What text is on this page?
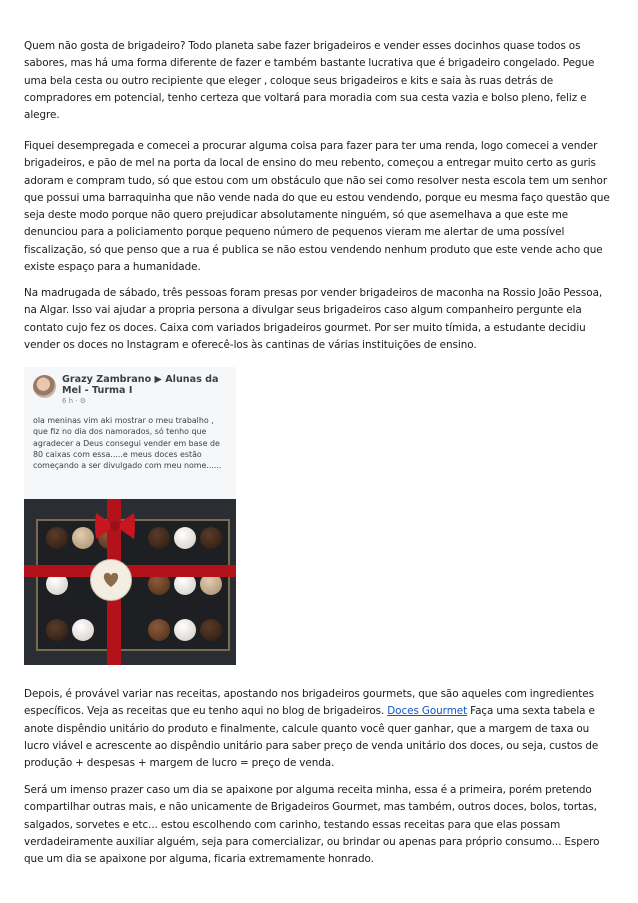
Quem não gosta de brigadeiro? Todo planeta sabe fazer brigadeiros e vender esses docinhos quase todos os sabores, mas há uma forma diferente de fazer e também bastante lucrativa que é brigadeiro congelado. Pegue uma bela cesta ou outro recipiente que eleger , coloque seus brigadeiros e kits e saia às ruas detrás de compradores em potencial, tenho certeza que voltará para moradia com sua cesta vazia e bolso pleno, feliz e alegre.

Fiquei desempregada e comecei a procurar alguma coisa para fazer para ter uma renda, logo comecei a vender brigadeiros, e pão de mel na porta da local de ensino do meu rebento, começou a entregar muito certo as guris adoram e compram tudo, só que estou com um obstáculo que não sei como resolver nesta escola tem um senhor que possui uma barraquinha que não vende nada do que eu estou vendendo, porque eu mesma faço questão que seja deste modo porque não quero prejudicar absolutamente ninguém, só que asemelhava a que este me denunciou para a policiamento porque pequeno número de pequenos vieram me alertar de uma possível fiscalização, só que penso que a rua é publica se não estou vendendo nenhum produto que este vende acho que existe espaço para a humanidade.

Na madrugada de sábado, três pessoas foram presas por vender brigadeiros de maconha na Rossio João Pessoa, na Algar. Isso vai ajudar a propria persona a divulgar seus brigadeiros caso algum companheiro pergunte ela contato cujo fez os doces. Caixa com variados brigadeiros gourmet. Por ser muito tímida, a estudante decidiu vender os doces no Instagram e oferecê-los às cantinas de várias instituições de ensino.

Grazy Zambrano ▶ Alunas da Mel - Turma I
6 h · ⚙
ola meninas vim aki mostrar o meu trabalho , que fiz no dia dos namorados, só tenho que agradecer a Deus consegui vender em base de 80 caixas com essa.....e meus doces estão começando a ser divulgado com meu nome......

Depois, é provável variar nas receitas, apostando nos brigadeiros gourmets, que são aqueles com ingredientes específicos. Veja as receitas que eu tenho aqui no blog de brigadeiros. Doces Gourmet Faça uma sexta tabela e anote dispêndio unitário do produto e finalmente, calcule quanto você quer ganhar, que a margem de taxa ou lucro viável e acrescente ao dispêndio unitário para saber preço de venda unitário dos doces, ou seja, custos de produção + despesas + margem de lucro = preço de venda.

Será um imenso prazer caso um dia se apaixone por alguma receita minha, essa é a primeira, porém pretendo compartilhar outras mais, e não unicamente de Brigadeiros Gourmet, mas também, outros doces, bolos, tortas, salgados, sorvetes e etc... estou escolhendo com carinho, testando essas receitas para que elas possam verdadeiramente auxiliar alguém, seja para comercializar, ou brindar ou apenas para próprio consumo... Espero que um dia se apaixone por alguma, ficaria extremamente honrado.
